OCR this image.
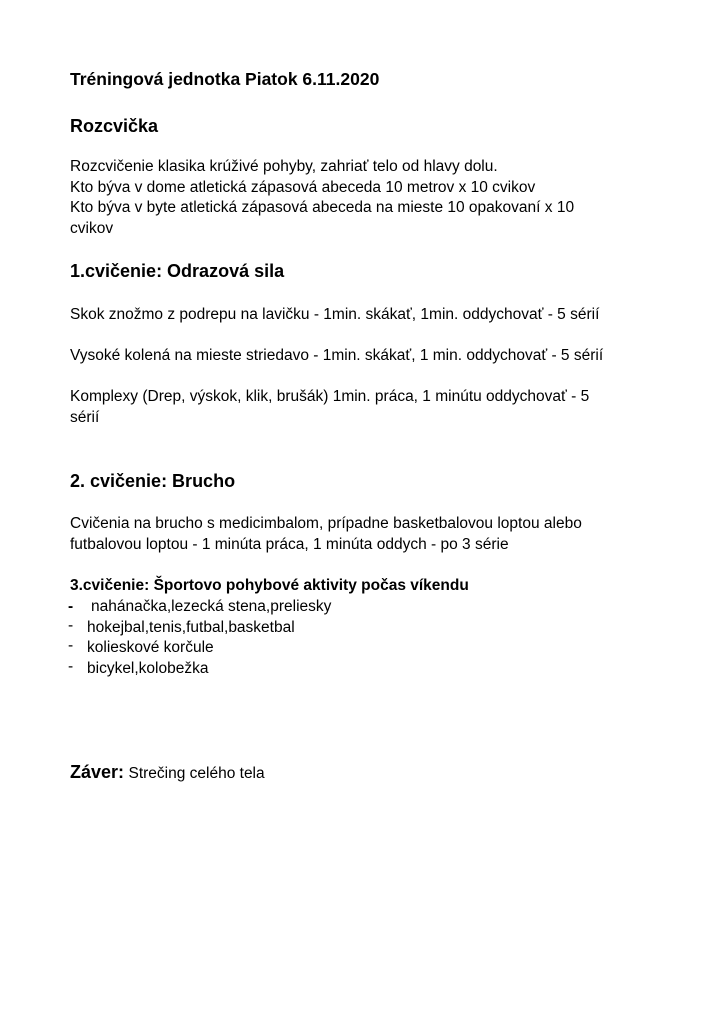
Tréningová jednotka Piatok 6.11.2020
Rozcvička
Rozcvičenie klasika krúživé pohyby, zahriať telo od hlavy dolu.
Kto býva v dome atletická zápasová abeceda 10 metrov x 10 cvikov
Kto býva v byte atletická zápasová abeceda na mieste 10 opakovaní x 10
cvikov
1.cvičenie: Odrazová sila
Skok znožmo z podrepu na lavičku - 1min. skákať, 1min. oddychovať - 5 sérií
Vysoké kolená na mieste striedavo - 1min. skákať, 1 min. oddychovať - 5 sérií
Komplexy (Drep, výskok, klik, brušák) 1min. práca, 1 minútu oddychovať - 5
sérií
2. cvičenie: Brucho
Cvičenia na brucho s medicimbalom, prípadne basketbalovou loptou alebo
futbalovou loptou - 1 minúta práca, 1 minúta oddych - po 3 série
3.cvičenie: Športovo pohybové aktivity počas víkendu
- nahánačka,lezecká stena,preliesky
- hokejbal,tenis,futbal,basketbal
- kolieskové korčule
- bicykel,kolobežka
Záver: Strečing celého tela
